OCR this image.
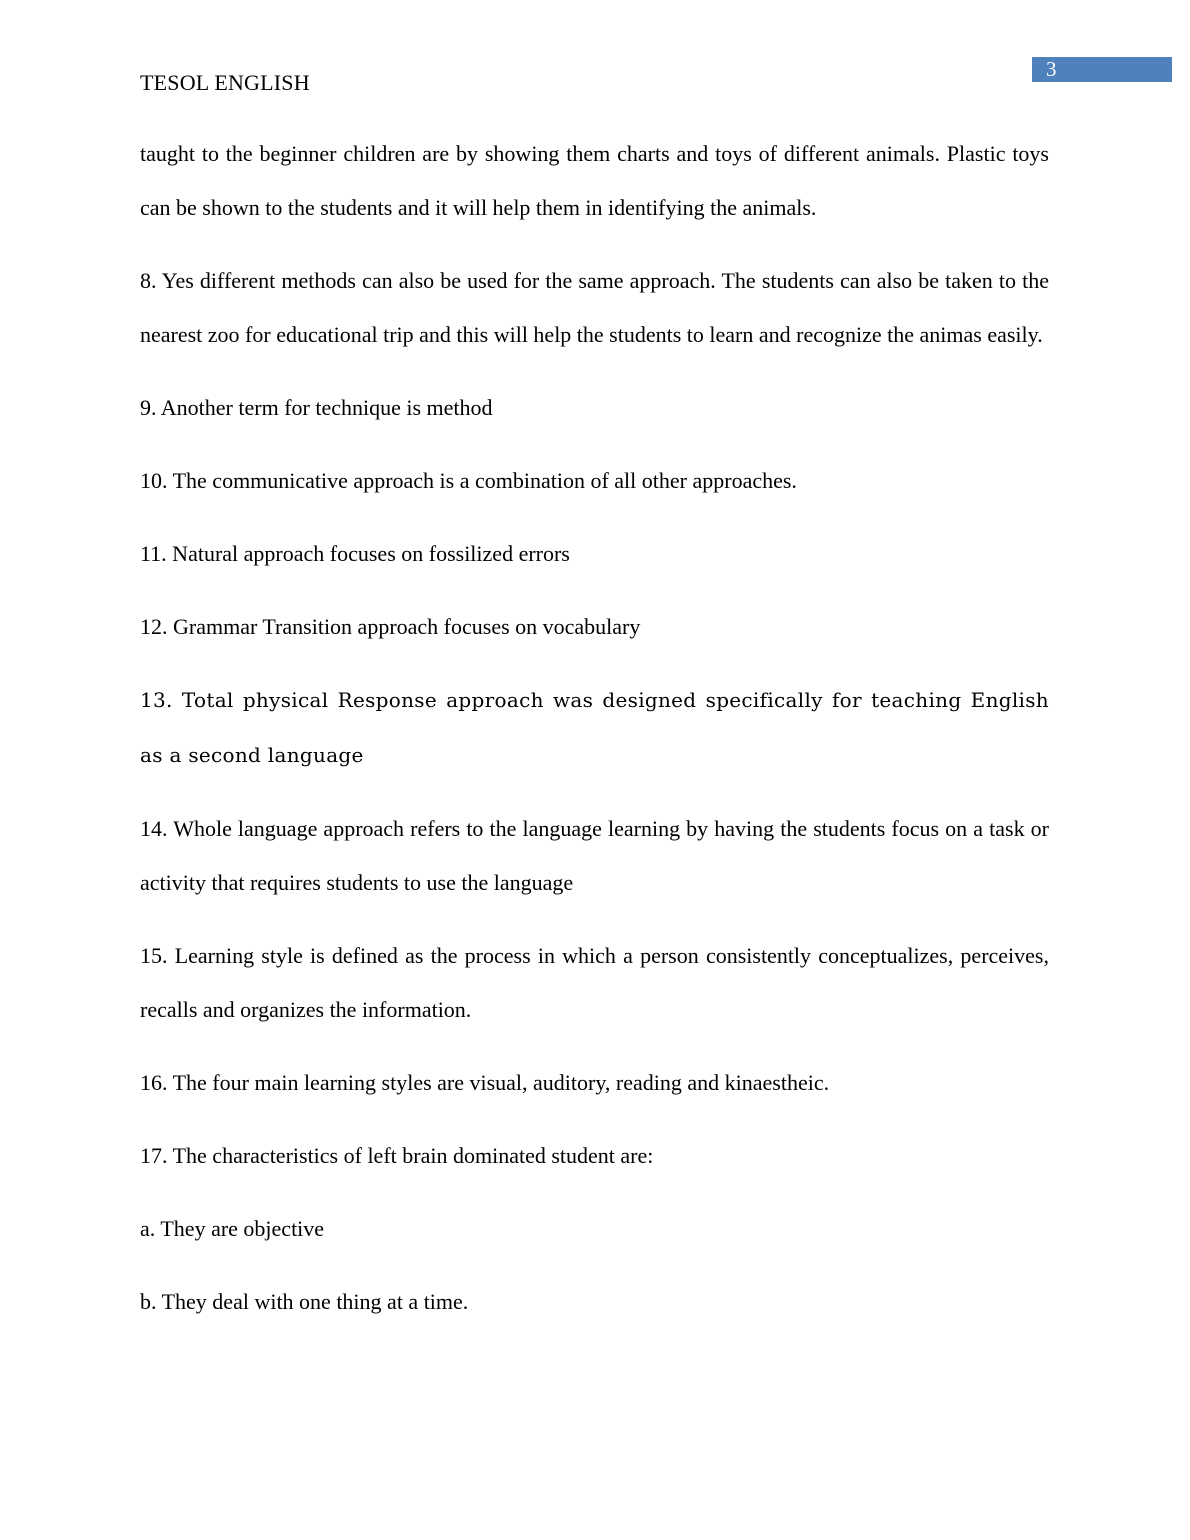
TESOL ENGLISH
3

taught to the beginner children are by showing them charts and toys of different animals. Plastic toys can be shown to the students and it will help them in identifying the animals.

8. Yes different methods can also be used for the same approach. The students can also be taken to the nearest zoo for educational trip and this will help the students to learn and recognize the animas easily.

9. Another term for technique is method

10. The communicative approach is a combination of all other approaches.

11. Natural approach focuses on fossilized errors

12. Grammar Transition approach focuses on vocabulary

13. Total physical Response approach was designed specifically for teaching English as a second language

14. Whole language approach refers to the language learning by having the students focus on a task or activity that requires students to use the language

15. Learning style is defined as the process in which a person consistently conceptualizes, perceives, recalls and organizes the information.

16. The four main learning styles are visual, auditory, reading and kinaestheic.

17. The characteristics of left brain dominated student are:

a. They are objective

b. They deal with one thing at a time.
